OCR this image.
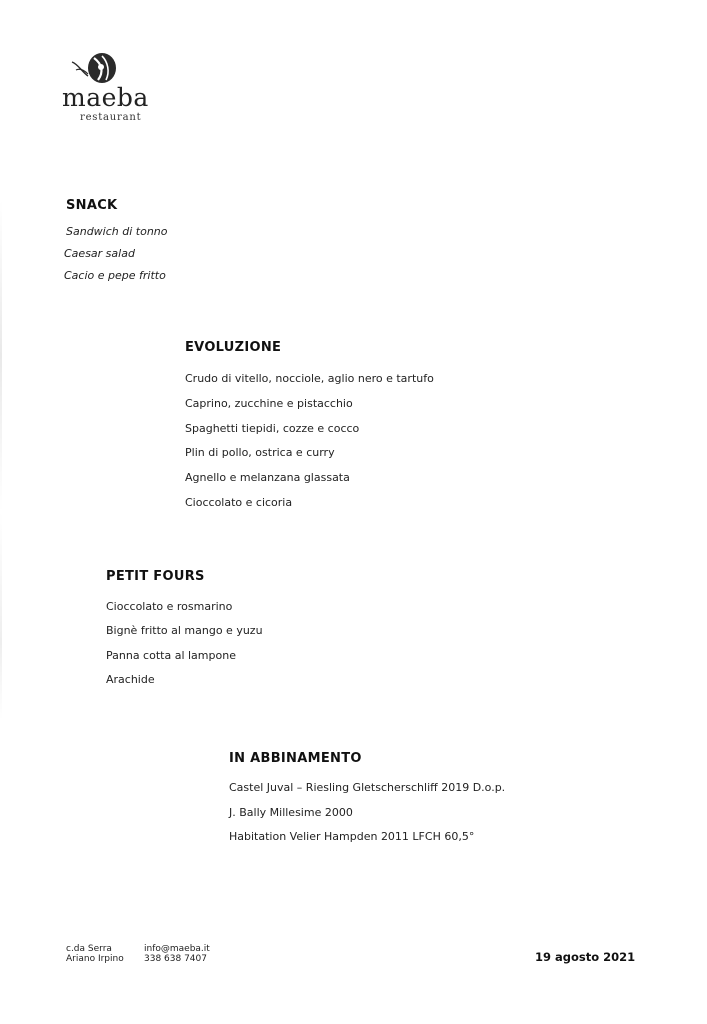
maeba
restaurant
SNACK
Sandwich di tonno
Caesar salad
Cacio e pepe fritto
EVOLUZIONE
Crudo di vitello, nocciole, aglio nero e tartufo
Caprino, zucchine e pistacchio
Spaghetti tiepidi, cozze e cocco
Plin di pollo, ostrica e curry
Agnello e melanzana glassata
Cioccolato e cicoria
PETIT FOURS
Cioccolato e rosmarino
Bignè fritto al mango e yuzu
Panna cotta al lampone
Arachide
IN ABBINAMENTO
Castel Juval – Riesling Gletscherschliff 2019 D.o.p.
J. Bally Millesime 2000
Habitation Velier Hampden 2011 LFCH 60,5°
c.da Serra
Ariano Irpino
info@maeba.it
338 638 7407	19 agosto 2021
